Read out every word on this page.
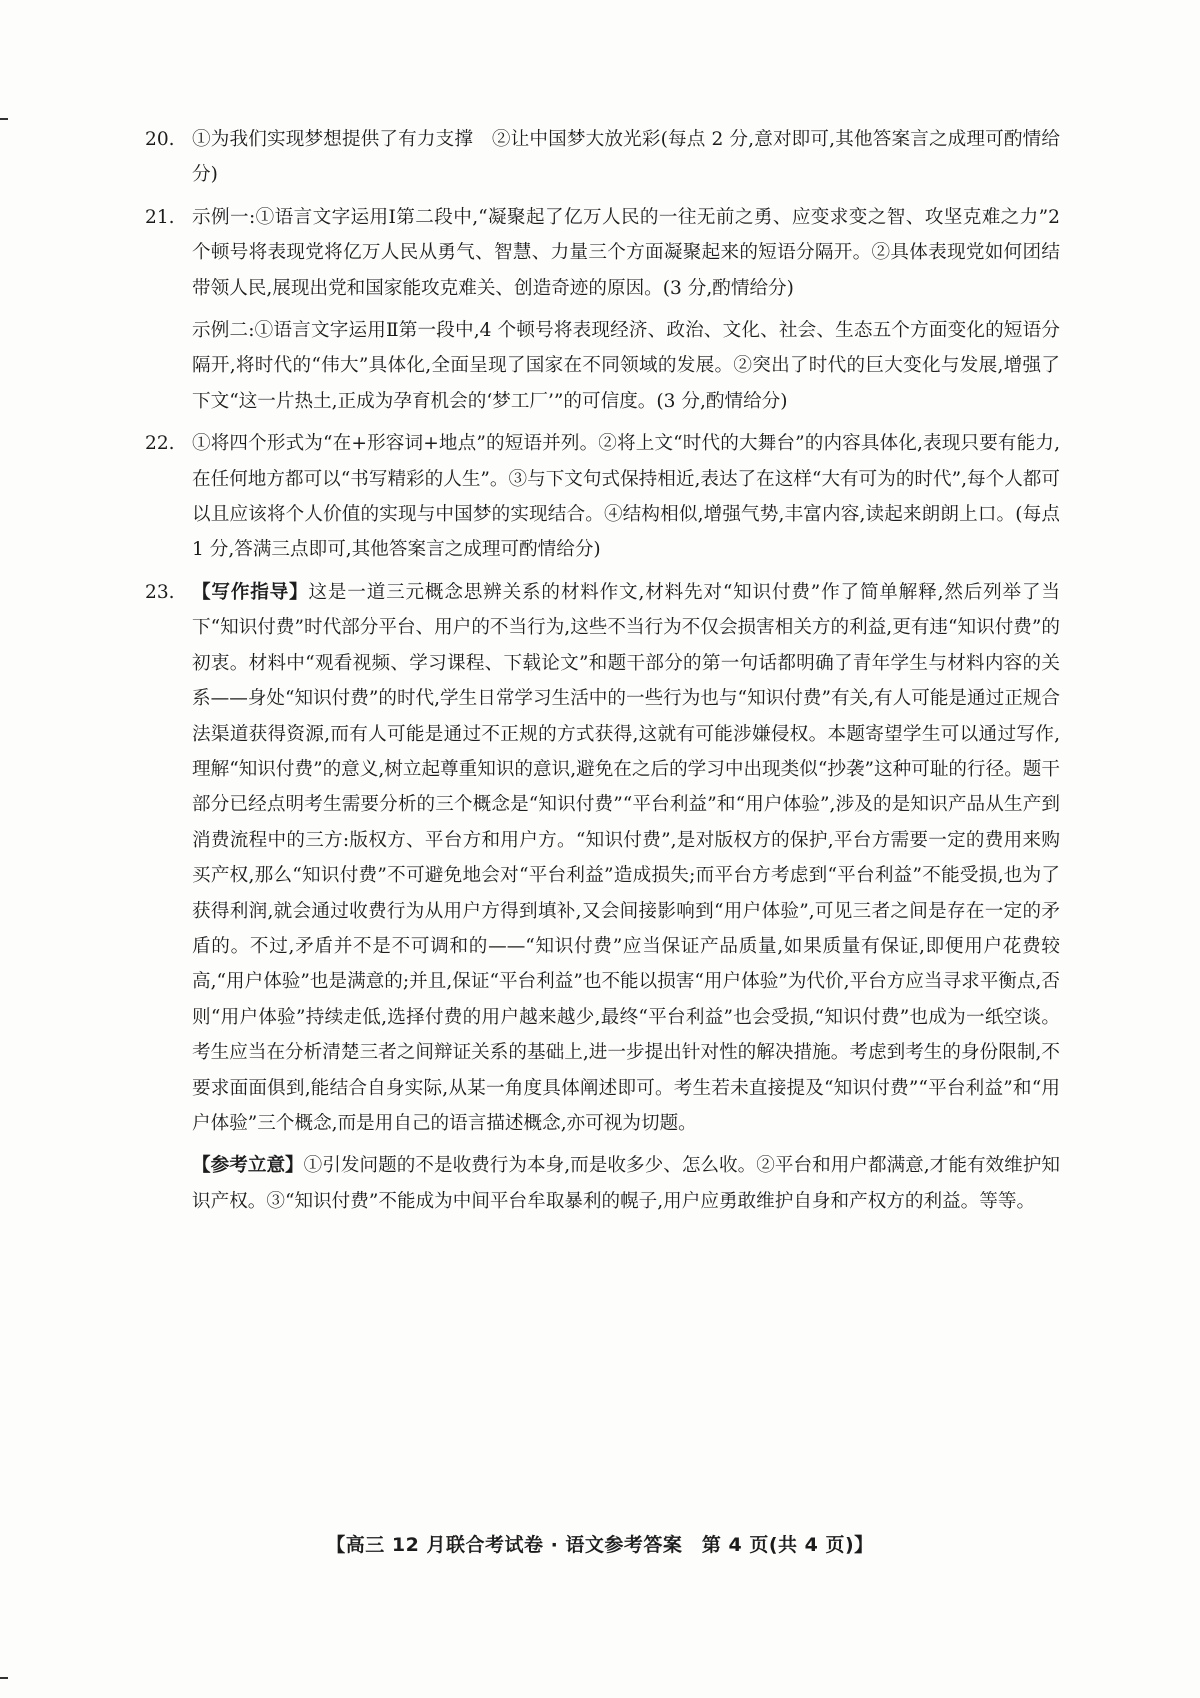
20. ①为我们实现梦想提供了有力支撑　②让中国梦大放光彩(每点 2 分,意对即可,其他答案言之成理可酌情给分)
21. 示例一:①语言文字运用Ⅰ第二段中,“凝聚起了亿万人民的一往无前之勇、应变求变之智、攻坚克难之力”2个顿号将表现党将亿万人民从勇气、智慧、力量三个方面凝聚起来的短语分隔开。②具体表现党如何团结带领人民,展现出党和国家能攻克难关、创造奇迹的原因。(3 分,酌情给分)
示例二:①语言文字运用Ⅱ第一段中,4 个顿号将表现经济、政治、文化、社会、生态五个方面变化的短语分隔开,将时代的“伟大”具体化,全面呈现了国家在不同领域的发展。②突出了时代的巨大变化与发展,增强了下文“这一片热土,正成为孕育机会的‘梦工厂’”的可信度。(3 分,酌情给分)
22. ①将四个形式为“在+形容词+地点”的短语并列。②将上文“时代的大舞台”的内容具体化,表现只要有能力,在任何地方都可以“书写精彩的人生”。③与下文句式保持相近,表达了在这样“大有可为的时代”,每个人都可以且应该将个人价值的实现与中国梦的实现结合。④结构相似,增强气势,丰富内容,读起来朗朗上口。(每点 1 分,答满三点即可,其他答案言之成理可酌情给分)
23. 【写作指导】这是一道三元概念思辨关系的材料作文,材料先对“知识付费”作了简单解释,然后列举了当下“知识付费”时代部分平台、用户的不当行为,这些不当行为不仅会损害相关方的利益,更有违“知识付费”的初衷。材料中“观看视频、学习课程、下载论文”和题干部分的第一句话都明确了青年学生与材料内容的关系——身处“知识付费”的时代,学生日常学习生活中的一些行为也与“知识付费”有关,有人可能是通过正规合法渠道获得资源,而有人可能是通过不正规的方式获得,这就有可能涉嫌侵权。本题寄望学生可以通过写作,理解“知识付费”的意义,树立起尊重知识的意识,避免在之后的学习中出现类似“抄袭”这种可耻的行径。题干部分已经点明考生需要分析的三个概念是“知识付费”“平台利益”和“用户体验”,涉及的是知识产品从生产到消费流程中的三方:版权方、平台方和用户方。“知识付费”,是对版权方的保护,平台方需要一定的费用来购买产权,那么“知识付费”不可避免地会对“平台利益”造成损失;而平台方考虑到“平台利益”不能受损,也为了获得利润,就会通过收费行为从用户方得到填补,又会间接影响到“用户体验”,可见三者之间是存在一定的矛盾的。不过,矛盾并不是不可调和的——“知识付费”应当保证产品质量,如果质量有保证,即便用户花费较高,“用户体验”也是满意的;并且,保证“平台利益”也不能以损害“用户体验”为代价,平台方应当寻求平衡点,否则“用户体验”持续走低,选择付费的用户越来越少,最终“平台利益”也会受损,“知识付费”也成为一纸空谈。考生应当在分析清楚三者之间辩证关系的基础上,进一步提出针对性的解决措施。考虑到考生的身份限制,不要求面面俱到,能结合自身实际,从某一角度具体阐述即可。考生若未直接提及“知识付费”“平台利益”和“用户体验”三个概念,而是用自己的语言描述概念,亦可视为切题。
【参考立意】①引发问题的不是收费行为本身,而是收多少、怎么收。②平台和用户都满意,才能有效维护知识产权。③“知识付费”不能成为中间平台牟取暴利的幌子,用户应勇敢维护自身和产权方的利益。等等。
【高三 12 月联合考试卷 · 语文参考答案　第 4 页(共 4 页)】
